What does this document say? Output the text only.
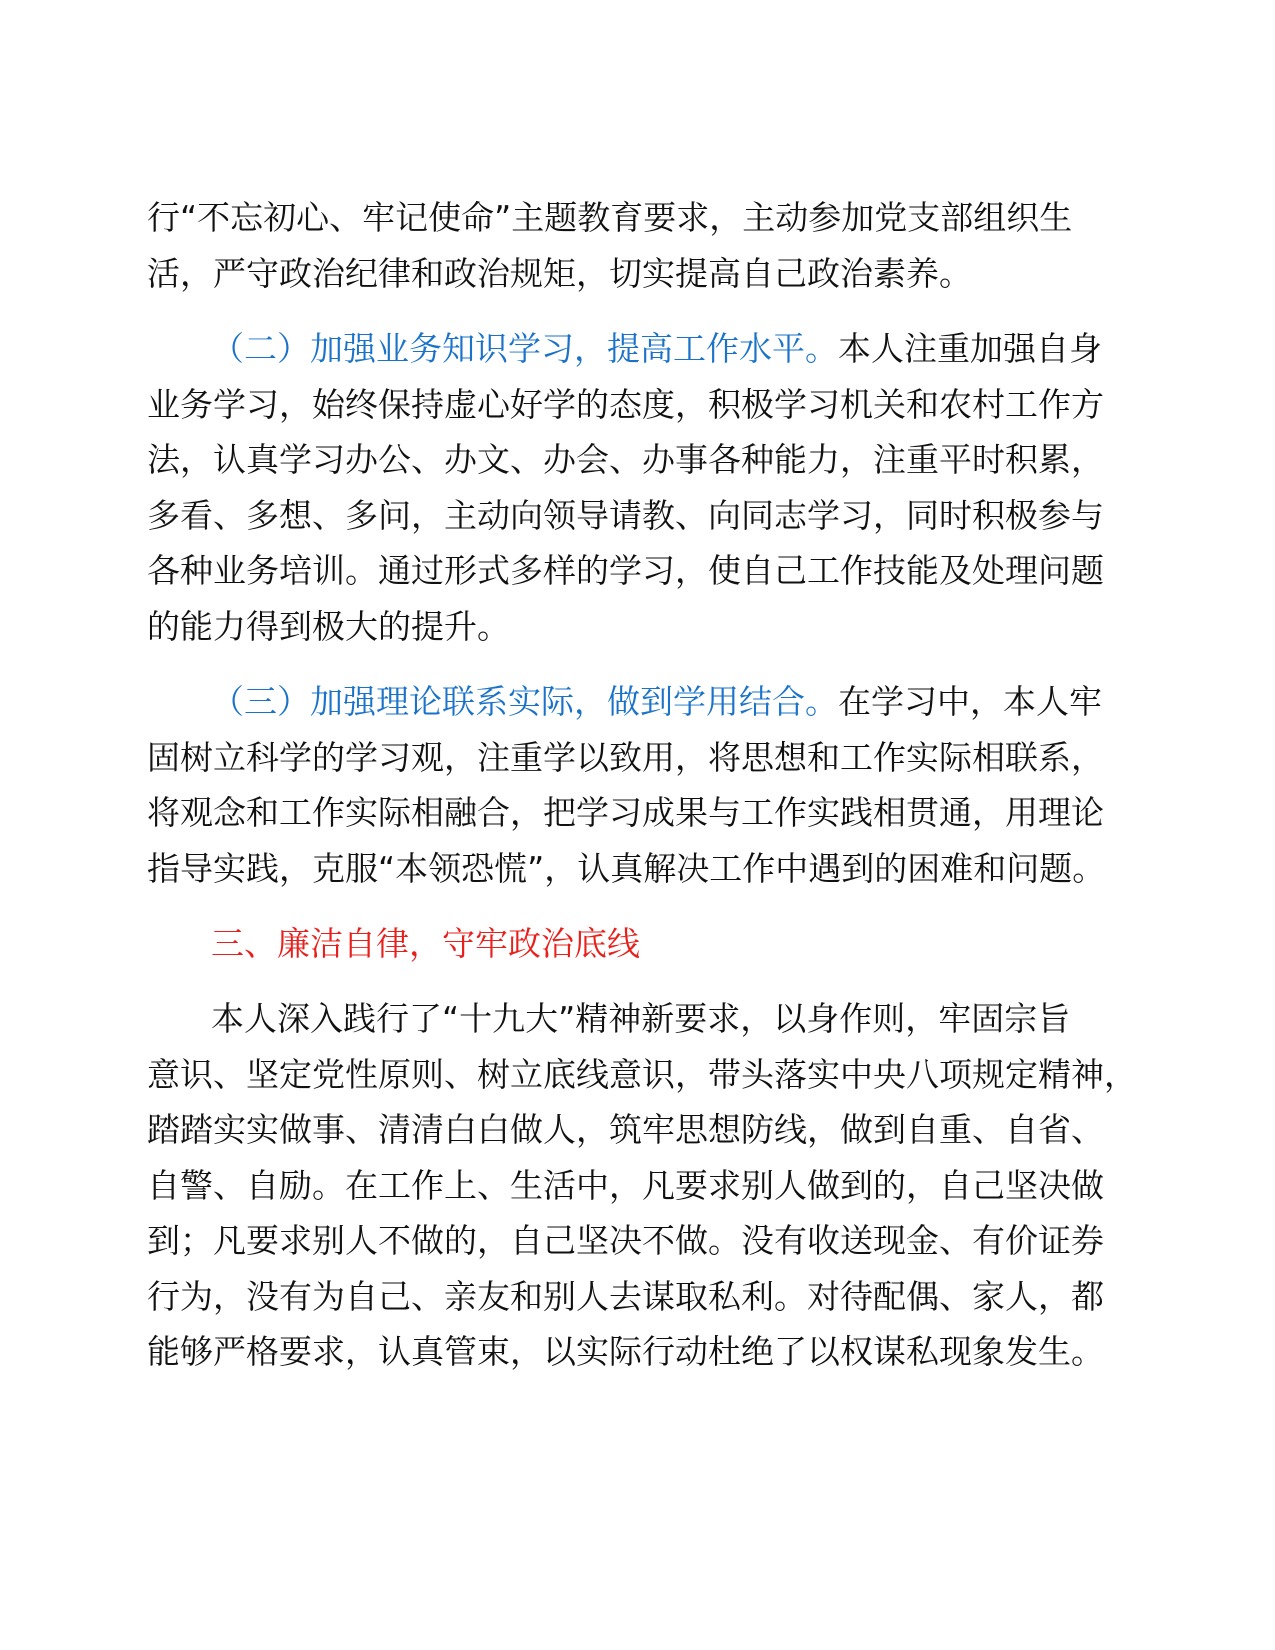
行“不忘初心、牢记使命”主题教育要求，主动参加党支部组织生
活，严守政治纪律和政治规矩，切实提高自己政治素养。
（二）加强业务知识学习，提高工作水平。本人注重加强自身
业务学习，始终保持虚心好学的态度，积极学习机关和农村工作方
法，认真学习办公、办文、办会、办事各种能力，注重平时积累，
多看、多想、多问，主动向领导请教、向同志学习，同时积极参与
各种业务培训。通过形式多样的学习，使自己工作技能及处理问题
的能力得到极大的提升。
（三）加强理论联系实际，做到学用结合。在学习中，本人牢
固树立科学的学习观，注重学以致用，将思想和工作实际相联系，
将观念和工作实际相融合，把学习成果与工作实践相贯通，用理论
指导实践，克服“本领恐慌”，认真解决工作中遇到的困难和问题。
三、廉洁自律，守牢政治底线
本人深入践行了“十九大”精神新要求，以身作则，牢固宗旨
意识、坚定党性原则、树立底线意识，带头落实中央八项规定精神，
踏踏实实做事、清清白白做人，筑牢思想防线，做到自重、自省、
自警、自励。在工作上、生活中，凡要求别人做到的，自己坚决做
到；凡要求别人不做的，自己坚决不做。没有收送现金、有价证券
行为，没有为自己、亲友和别人去谋取私利。对待配偶、家人，都
能够严格要求，认真管束，以实际行动杜绝了以权谋私现象发生。
